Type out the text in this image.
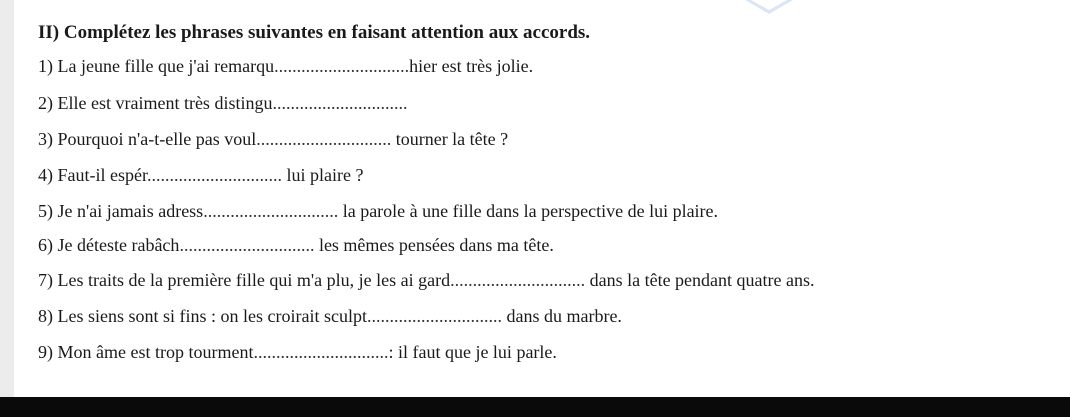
II) Complétez les phrases suivantes en faisant attention aux accords.
1) La jeune fille que j'ai remarqu..............................hier est très jolie.
2) Elle est vraiment très distingu..............................
3) Pourquoi n'a-t-elle pas voul.............................. tourner la tête ?
4) Faut-il espér.............................. lui plaire ?
5) Je n'ai jamais adress.............................. la parole à une fille dans la perspective de lui plaire.
6) Je déteste rabâch.............................. les mêmes pensées dans ma tête.
7) Les traits de la première fille qui m'a plu, je les ai gard.............................. dans la tête pendant quatre ans.
8) Les siens sont si fins : on les croirait sculpt.............................. dans du marbre.
9) Mon âme est trop tourment..............................: il faut que je lui parle.
